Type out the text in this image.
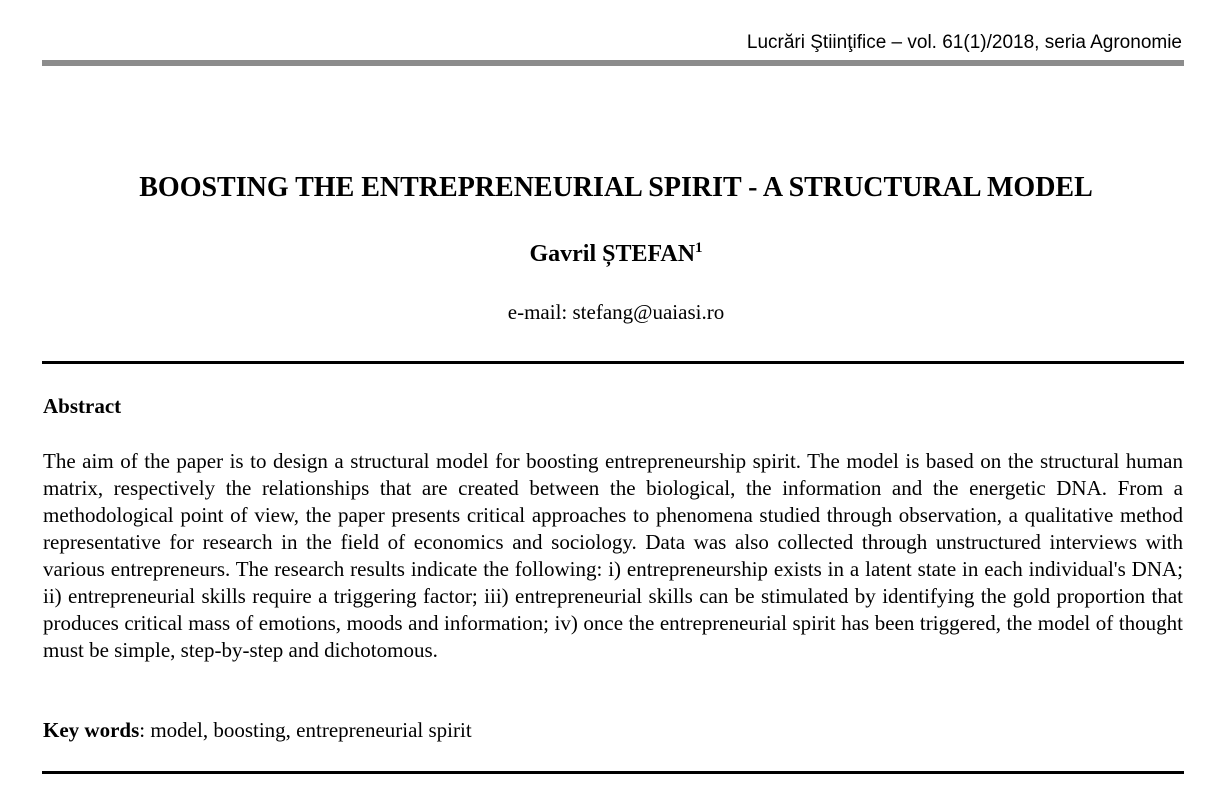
Lucrări Ştiinţifice – vol. 61(1)/2018, seria Agronomie
BOOSTING THE ENTREPRENEURIAL SPIRIT - A STRUCTURAL MODEL
Gavril ȘTEFAN$^1$
e-mail: stefang@uaiasi.ro
Abstract

The aim of the paper is to design a structural model for boosting entrepreneurship spirit. The model is based on the structural human matrix, respectively the relationships that are created between the biological, the information and the energetic DNA. From a methodological point of view, the paper presents critical approaches to phenomena studied through observation, a qualitative method representative for research in the field of economics and sociology. Data was also collected through unstructured interviews with various entrepreneurs. The research results indicate the following: i) entrepreneurship exists in a latent state in each individual's DNA; ii) entrepreneurial skills require a triggering factor; iii) entrepreneurial skills can be stimulated by identifying the gold proportion that produces critical mass of emotions, moods and information; iv) once the entrepreneurial spirit has been triggered, the model of thought must be simple, step-by-step and dichotomous.

Key words: model, boosting, entrepreneurial spirit
